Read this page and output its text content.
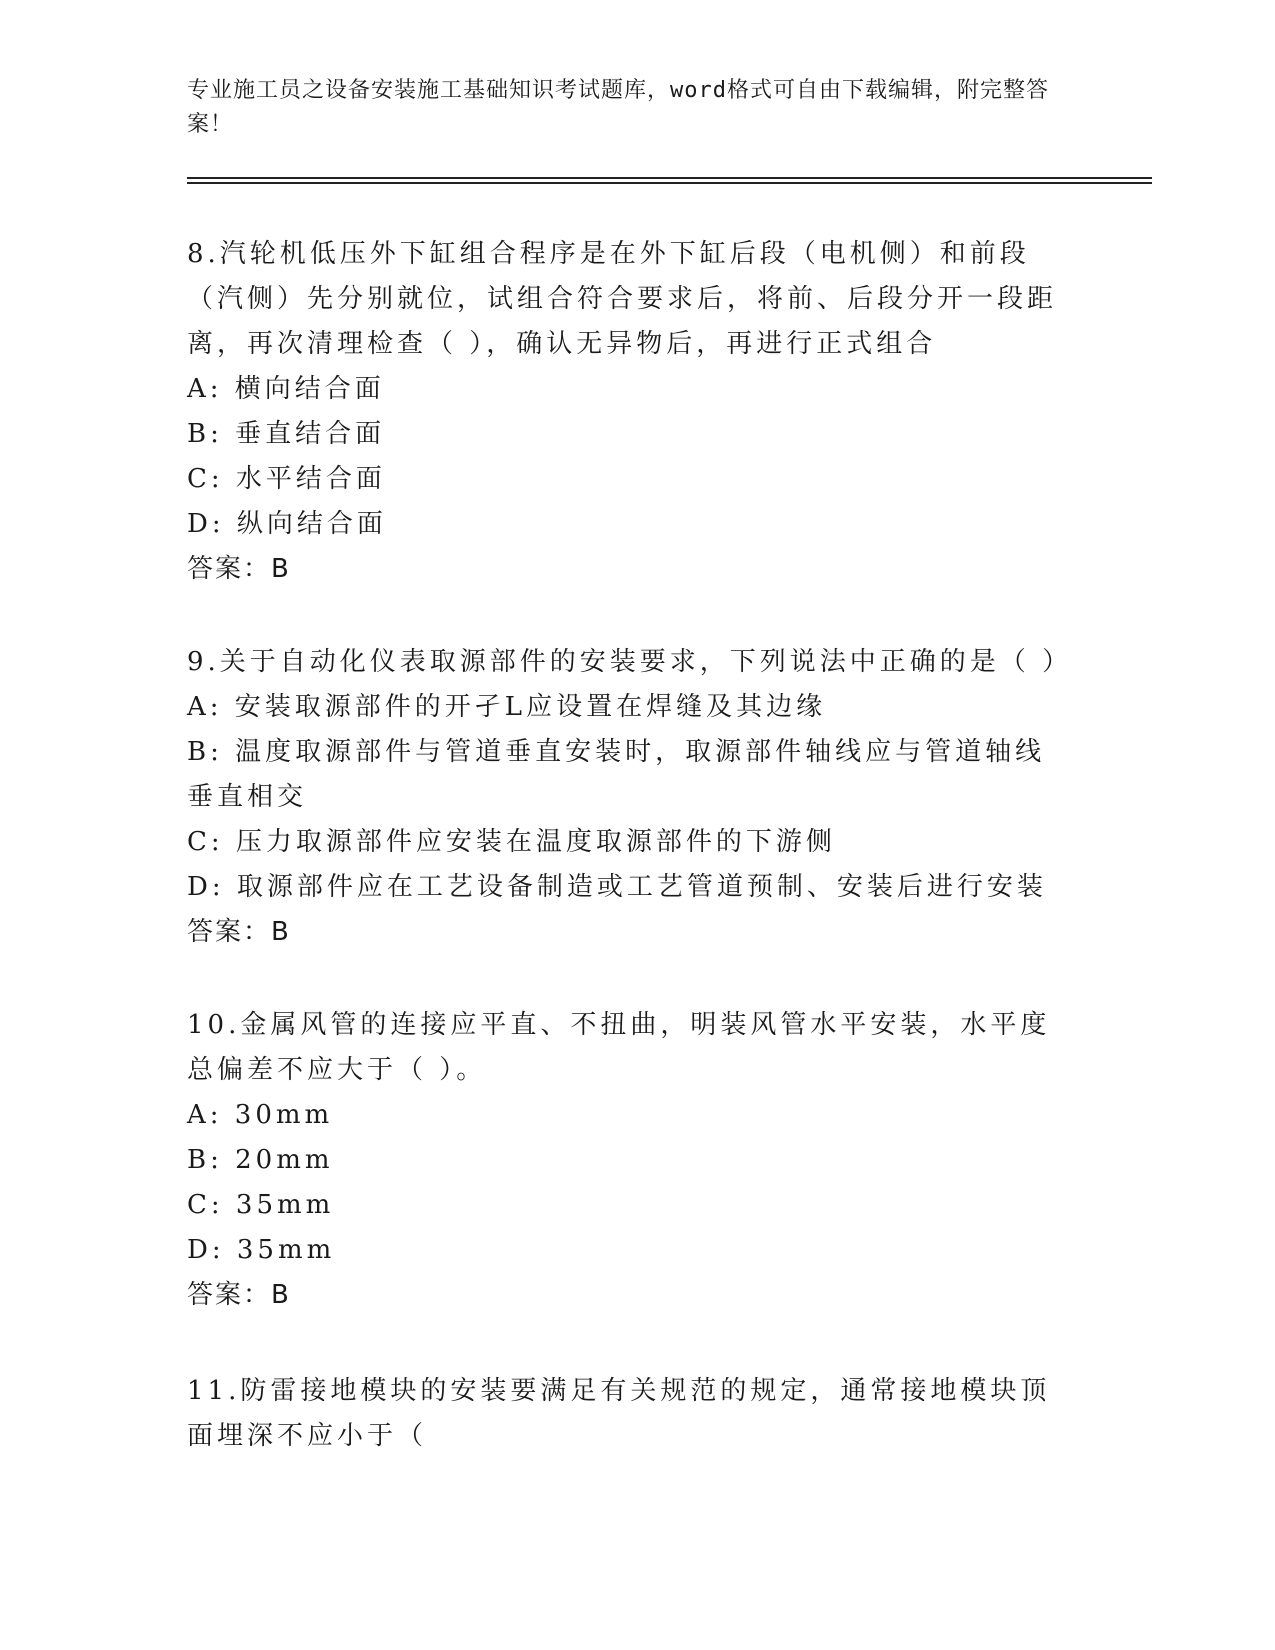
专业施工员之设备安装施工基础知识考试题库，word格式可自由下载编辑，附完整答案！

8.汽轮机低压外下缸组合程序是在外下缸后段（电机侧）和前段（汽侧）先分别就位，试组合符合要求后，将前、后段分开一段距离，再次清理检查（ ），确认无异物后，再进行正式组合

A: 横向结合面

B: 垂直结合面

C: 水平结合面

D: 纵向结合面

答案：B

9.关于自动化仪表取源部件的安装要求，下列说法中正确的是（ ）

A: 安装取源部件的开孑L应设置在焊缝及其边缘

B: 温度取源部件与管道垂直安装时，取源部件轴线应与管道轴线垂直相交

C: 压力取源部件应安装在温度取源部件的下游侧

D: 取源部件应在工艺设备制造或工艺管道预制、安装后进行安装

答案：B

10.金属风管的连接应平直、不扭曲，明装风管水平安装，水平度总偏差不应大于（ ）。

A: 30mm

B: 20mm

C: 35mm

D: 35mm

答案：B

11.防雷接地模块的安装要满足有关规范的规定，通常接地模块顶面埋深不应小于（
